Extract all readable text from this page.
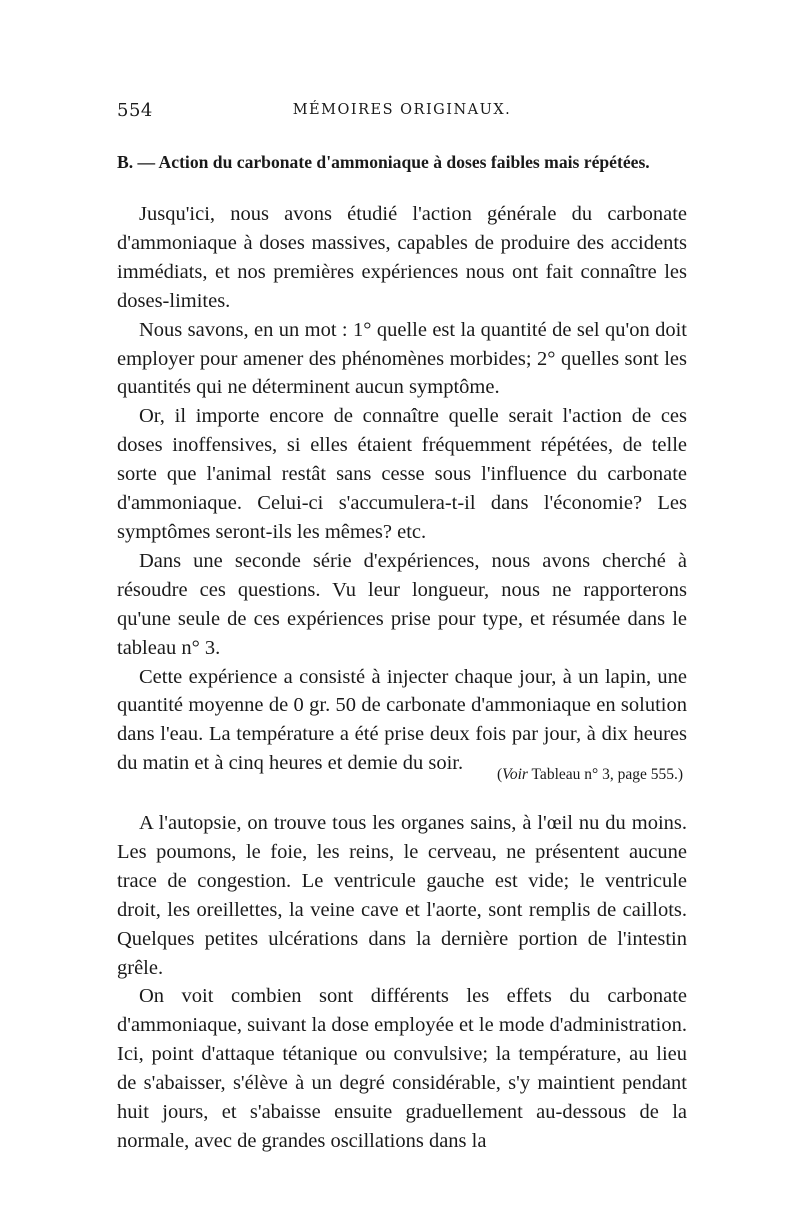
554	MÉMOIRES ORIGINAUX.
B. — Action du carbonate d'ammoniaque à doses faibles mais répétées.

Jusqu'ici, nous avons étudié l'action générale du carbonate d'ammoniaque à doses massives, capables de produire des accidents immédiats, et nos premières expériences nous ont fait connaître les doses-limites.

Nous savons, en un mot : 1° quelle est la quantité de sel qu'on doit employer pour amener des phénomènes morbides; 2° quelles sont les quantités qui ne déterminent aucun symptôme.

Or, il importe encore de connaître quelle serait l'action de ces doses inoffensives, si elles étaient fréquemment répétées, de telle sorte que l'animal restât sans cesse sous l'influence du carbonate d'ammoniaque. Celui-ci s'accumulera-t-il dans l'économie? Les symptômes seront-ils les mêmes? etc.

Dans une seconde série d'expériences, nous avons cherché à résoudre ces questions. Vu leur longueur, nous ne rapporterons qu'une seule de ces expériences prise pour type, et résumée dans le tableau n° 3.

Cette expérience a consisté à injecter chaque jour, à un lapin, une quantité moyenne de 0 gr. 50 de carbonate d'ammoniaque en solution dans l'eau. La température a été prise deux fois par jour, à dix heures du matin et à cinq heures et demie du soir.

(Voir Tableau n° 3, page 555.)

A l'autopsie, on trouve tous les organes sains, à l'œil nu du moins. Les poumons, le foie, les reins, le cerveau, ne présentent aucune trace de congestion. Le ventricule gauche est vide; le ventricule droit, les oreillettes, la veine cave et l'aorte, sont remplis de caillots. Quelques petites ulcérations dans la dernière portion de l'intestin grêle.

On voit combien sont différents les effets du carbonate d'ammoniaque, suivant la dose employée et le mode d'administration. Ici, point d'attaque tétanique ou convulsive; la température, au lieu de s'abaisser, s'élève à un degré considérable, s'y maintient pendant huit jours, et s'abaisse ensuite graduellement au-dessous de la normale, avec de grandes oscillations dans la
